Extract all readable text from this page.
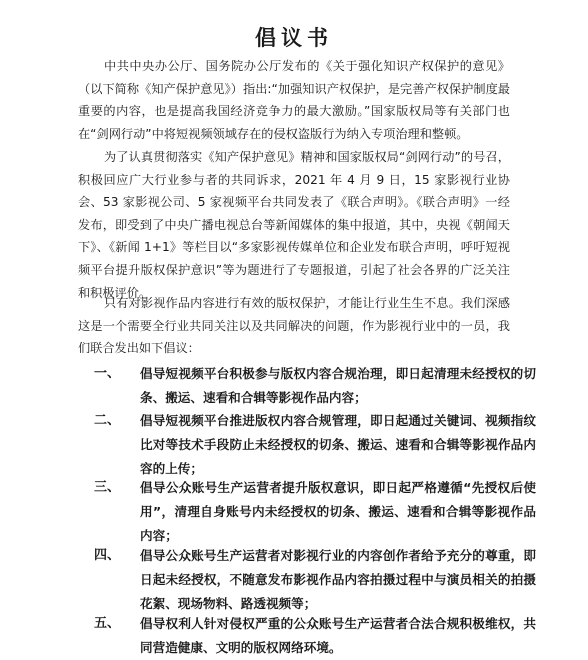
倡议书

中共中央办公厅、国务院办公厅发布的《关于强化知识产权保护的意见》（以下简称《知产保护意见》）指出:“加强知识产权保护，是完善产权保护制度最重要的内容，也是提高我国经济竞争力的最大激励。”国家版权局等有关部门也在“剑网行动”中将短视频领域存在的侵权盗版行为纳入专项治理和整顿。

为了认真贯彻落实《知产保护意见》精神和国家版权局“剑网行动”的号召，积极回应广大行业参与者的共同诉求，2021 年 4 月 9 日，15 家影视行业协会、53 家影视公司、5 家视频平台共同发表了《联合声明》。《联合声明》一经发布，即受到了中央广播电视总台等新闻媒体的集中报道，其中，央视《朝闻天下》、《新闻 1+1》等栏目以“多家影视传媒单位和企业发布联合声明，呼吁短视频平台提升版权保护意识”等为题进行了专题报道，引起了社会各界的广泛关注和积极评价。

只有对影视作品内容进行有效的版权保护，才能让行业生生不息。我们深感这是一个需要全行业共同关注以及共同解决的问题，作为影视行业中的一员，我们联合发出如下倡议：

一、	倡导短视频平台积极参与版权内容合规治理，即日起清理未经授权的切条、搬运、速看和合辑等影视作品内容；

二、	倡导短视频平台推进版权内容合规管理，即日起通过关键词、视频指纹比对等技术手段防止未经授权的切条、搬运、速看和合辑等影视作品内容的上传；

三、	倡导公众账号生产运营者提升版权意识，即日起严格遵循“先授权后使用”，清理自身账号内未经授权的切条、搬运、速看和合辑等影视作品内容；

四、	倡导公众账号生产运营者对影视行业的内容创作者给予充分的尊重，即日起未经授权，不随意发布影视作品内容拍摄过程中与演员相关的拍摄花絮、现场物料、路透视频等；

五、	倡导权利人针对侵权严重的公众账号生产运营者合法合规积极维权，共同营造健康、文明的版权网络环境。
